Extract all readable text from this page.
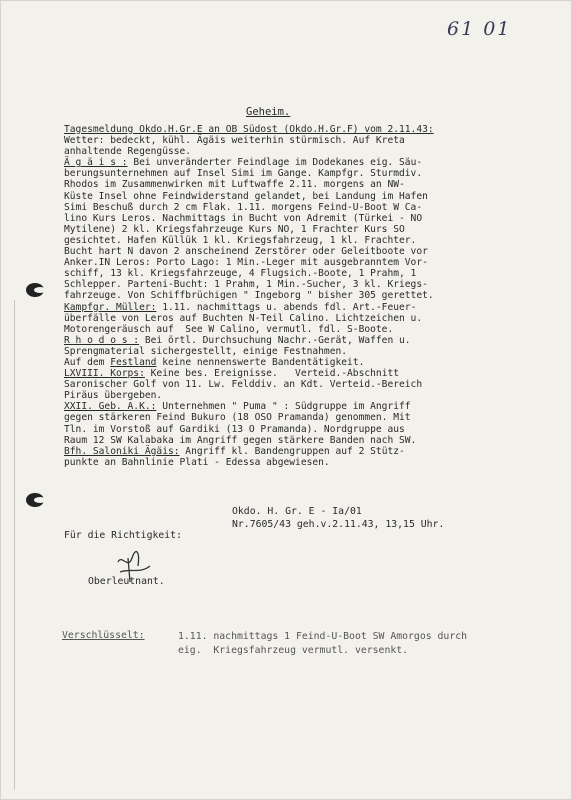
61 01
Geheim.
Tagesmeldung Okdo.H.Gr.E an OB Südost (Okdo.H.Gr.F) vom 2.11.43:
Wetter: bedeckt, kühl. Ägäis weiterhin stürmisch. Auf Kreta
anhaltende Regengüsse.
Ä g ä i s : Bei unveränderter Feindlage im Dodekanes eig. Säu-
berungsunternehmen auf Insel Simi im Gange. Kampfgr. Sturmdiv.
Rhodos im Zusammenwirken mit Luftwaffe 2.11. morgens an NW-
Küste Insel ohne Feindwiderstand gelandet, bei Landung im Hafen
Simi Beschuß durch 2 cm Flak. 1.11. morgens Feind-U-Boot W Ca-
lino Kurs Leros. Nachmittags in Bucht von Adremit (Türkei - NO
Mytilene) 2 kl. Kriegsfahrzeuge Kurs NO, 1 Frachter Kurs SO
gesichtet. Hafen Küllük 1 kl. Kriegsfahrzeug, 1 kl. Frachter.
Bucht hart N davon 2 anscheinend Zerstörer oder Geleitboote vor
Anker.IN Leros: Porto Lago: 1 Min.-Leger mit ausgebranntem Vor-
schiff, 13 kl. Kriegsfahrzeuge, 4 Flugsich.-Boote, 1 Prahm, 1
Schlepper. Parteni-Bucht: 1 Prahm, 1 Min.-Sucher, 3 kl. Kriegs-
fahrzeuge. Von Schiffbrüchigen " Ingeborg " bisher 305 gerettet.
Kampfgr. Müller: 1.11. nachmittags u. abends fdl. Art.-Feuer-
überfälle von Leros auf Buchten N-Teil Calino. Lichtzeichen u.
Motorengeräusch auf  See W Calino, vermutl. fdl. S-Boote.
R h o d o s : Bei örtl. Durchsuchung Nachr.-Gerät, Waffen u.
Sprengmaterial sichergestellt, einige Festnahmen.
Auf dem Festland keine nennenswerte Bandentätigkeit.
LXVIII. Korps: Keine bes. Ereignisse.   Verteid.-Abschnitt
Saronischer Golf von 11. Lw. Felddiv. an Kdt. Verteid.-Bereich
Piräus übergeben.
XXII. Geb. A.K.: Unternehmen " Puma " : Südgruppe im Angriff
gegen stärkeren Feind Bukuro (18 OSO Pramanda) genommen. Mit
Tln. im Vorstoß auf Gardiki (13 O Pramanda). Nordgruppe aus
Raum 12 SW Kalabaka im Angriff gegen stärkere Banden nach SW.
Bfh. Saloniki Ägäis: Angriff kl. Bandengruppen auf 2 Stütz-
punkte an Bahnlinie Plati - Edessa abgewiesen.
Okdo. H. Gr. E - Ia/01
Nr.7605/43 geh.v.2.11.43, 13,15 Uhr.
Für die Richtigkeit:
Oberleutnant.
Verschlüsselt:	1.11. nachmittags 1 Feind-U-Boot SW Amorgos durch
eig.  Kriegsfahrzeug vermutl. versenkt.
